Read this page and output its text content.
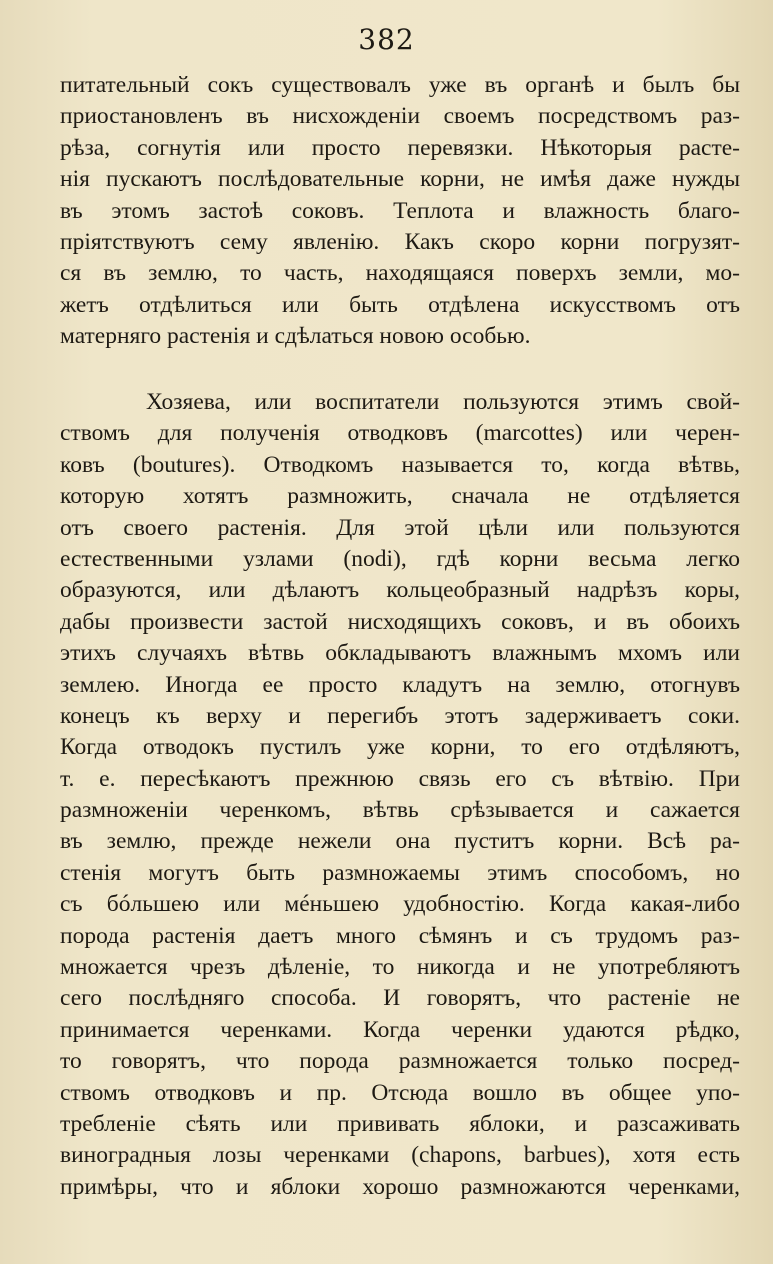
382
питательный сокъ существовалъ уже въ органѣ и былъ бы
приостановленъ въ нисхожденіи своемъ посредствомъ раз-
рѣза, согнутія или просто перевязки. Нѣкоторыя расте-
нія пускаютъ послѣдовательные корни, не имѣя даже нужды
въ этомъ застоѣ соковъ. Теплота и влажность благо-
пріятствуютъ сему явленію. Какъ скоро корни погрузят-
ся въ землю, то часть, находящаяся поверхъ земли, мо-
жетъ отдѣлиться или быть отдѣлена искусствомъ отъ
матерняго растенія и сдѣлаться новою особью.
Хозяева, или воспитатели пользуются этимъ свой-
ствомъ для полученія отводковъ (marcottes) или черен-
ковъ (boutures). Отводкомъ называется то, когда вѣтвь,
которую хотятъ размножить, сначала не отдѣляется
отъ своего растенія. Для этой цѣли или пользуются
естественными узлами (nodi), гдѣ корни весьма легко
образуются, или дѣлаютъ кольцеобразный надрѣзъ коры,
дабы произвести застой нисходящихъ соковъ, и въ обоихъ
этихъ случаяхъ вѣтвь обкладываютъ влажнымъ мхомъ или
землею. Иногда ее просто кладутъ на землю, отогнувъ
конецъ къ верху и перегибъ этотъ задерживаетъ соки.
Когда отводокъ пустилъ уже корни, то его отдѣляютъ,
т. е. пересѣкаютъ прежнюю связь его съ вѣтвію. При
размноженіи черенкомъ, вѣтвь срѣзывается и сажается
въ землю, прежде нежели она пуститъ корни. Всѣ ра-
стенія могутъ быть размножаемы этимъ способомъ, но
съ бóльшею или мéньшею удобностію. Когда какая-либо
порода растенія даетъ много сѣмянъ и съ трудомъ раз-
множается чрезъ дѣленіе, то никогда и не употребляютъ
сего послѣдняго способа. И говорятъ, что растеніе не
принимается черенками. Когда черенки удаются рѣдко,
то говорятъ, что порода размножается только посред-
ствомъ отводковъ и пр. Отсюда вошло въ общее упо-
требленіе сѣять или прививать яблоки, и разсаживать
виноградныя лозы черенками (chapons, barbues), хотя есть
примѣры, что и яблоки хорошо размножаются черенками,
